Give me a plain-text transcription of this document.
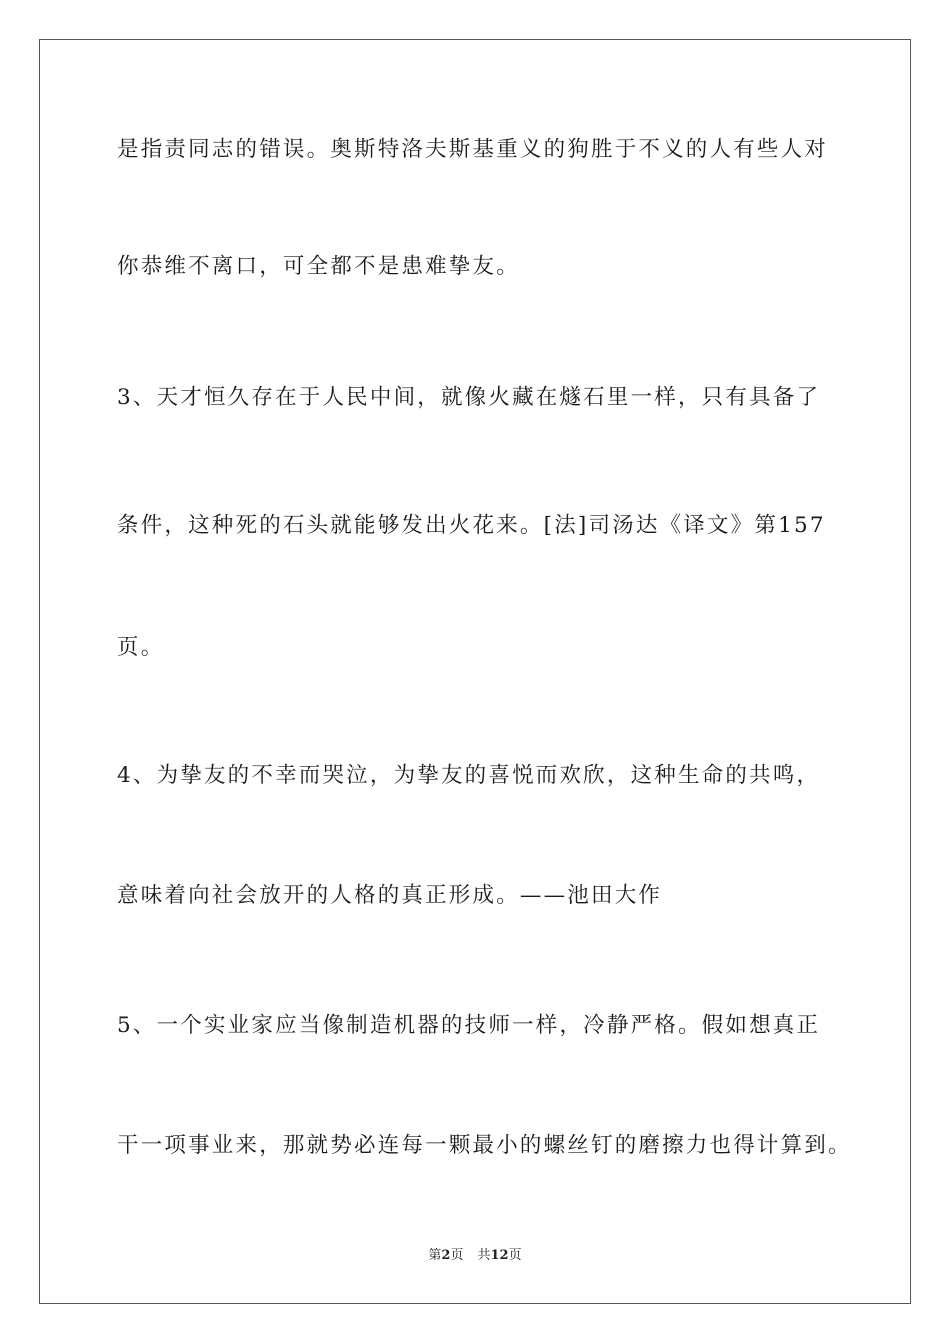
是指责同志的错误。奥斯特洛夫斯基重义的狗胜于不义的人有些人对
你恭维不离口，可全都不是患难挚友。
3、天才恒久存在于人民中间，就像火藏在燧石里一样，只有具备了
条件，这种死的石头就能够发出火花来。[法]司汤达《译文》第157
页。
4、为挚友的不幸而哭泣，为挚友的喜悦而欢欣，这种生命的共鸣，
意味着向社会放开的人格的真正形成。——池田大作
5、一个实业家应当像制造机器的技师一样，冷静严格。假如想真正
干一项事业来，那就势必连每一颗最小的螺丝钉的磨擦力也得计算到。
第2页 共12页
